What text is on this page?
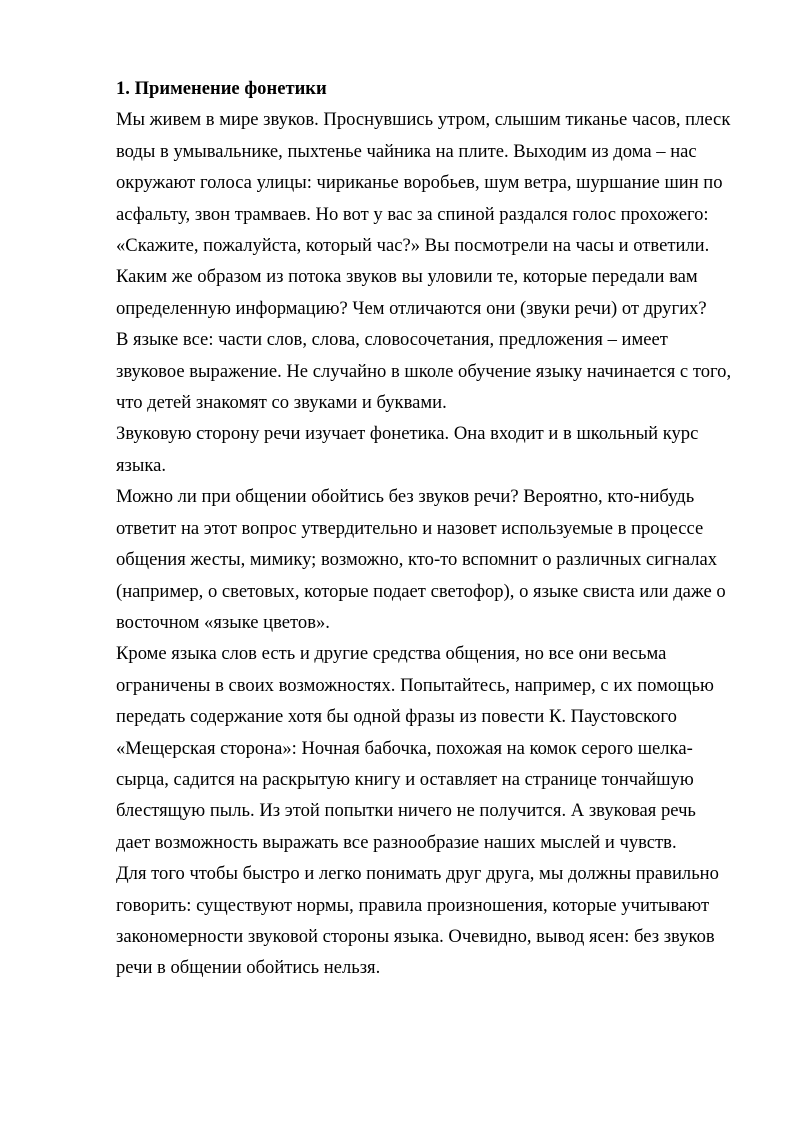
1. Применение фонетики
Мы живем в мире звуков. Проснувшись утром, слышим тиканье часов, плеск
воды в умывальнике, пыхтенье чайника на плите. Выходим из дома – нас
окружают голоса улицы: чириканье воробьев, шум ветра, шуршание шин по
асфальту, звон трамваев. Но вот у вас за спиной раздался голос прохожего:
«Скажите, пожалуйста, который час?» Вы посмотрели на часы и ответили.
Каким же образом из потока звуков вы уловили те, которые передали вам
определенную информацию? Чем отличаются они (звуки речи) от других?
В языке все: части слов, слова, словосочетания, предложения – имеет
звуковое выражение. Не случайно в школе обучение языку начинается с того,
что детей знакомят со звуками и буквами.
Звуковую сторону речи изучает фонетика. Она входит и в школьный курс
языка.
Можно ли при общении обойтись без звуков речи? Вероятно, кто-нибудь
ответит на этот вопрос утвердительно и назовет используемые в процессе
общения жесты, мимику; возможно, кто-то вспомнит о различных сигналах
(например, о световых, которые подает светофор), о языке свиста или даже о
восточном «языке цветов».
Кроме языка слов есть и другие средства общения, но все они весьма
ограничены в своих возможностях. Попытайтесь, например, с их помощью
передать содержание хотя бы одной фразы из повести К. Паустовского
«Мещерская сторона»: Ночная бабочка, похожая на комок серого шелка-
сырца, садится на раскрытую книгу и оставляет на странице тончайшую
блестящую пыль. Из этой попытки ничего не получится. А звуковая речь
дает возможность выражать все разнообразие наших мыслей и чувств.
Для того чтобы быстро и легко понимать друг друга, мы должны правильно
говорить: существуют нормы, правила произношения, которые учитывают
закономерности звуковой стороны языка. Очевидно, вывод ясен: без звуков
речи в общении обойтись нельзя.
